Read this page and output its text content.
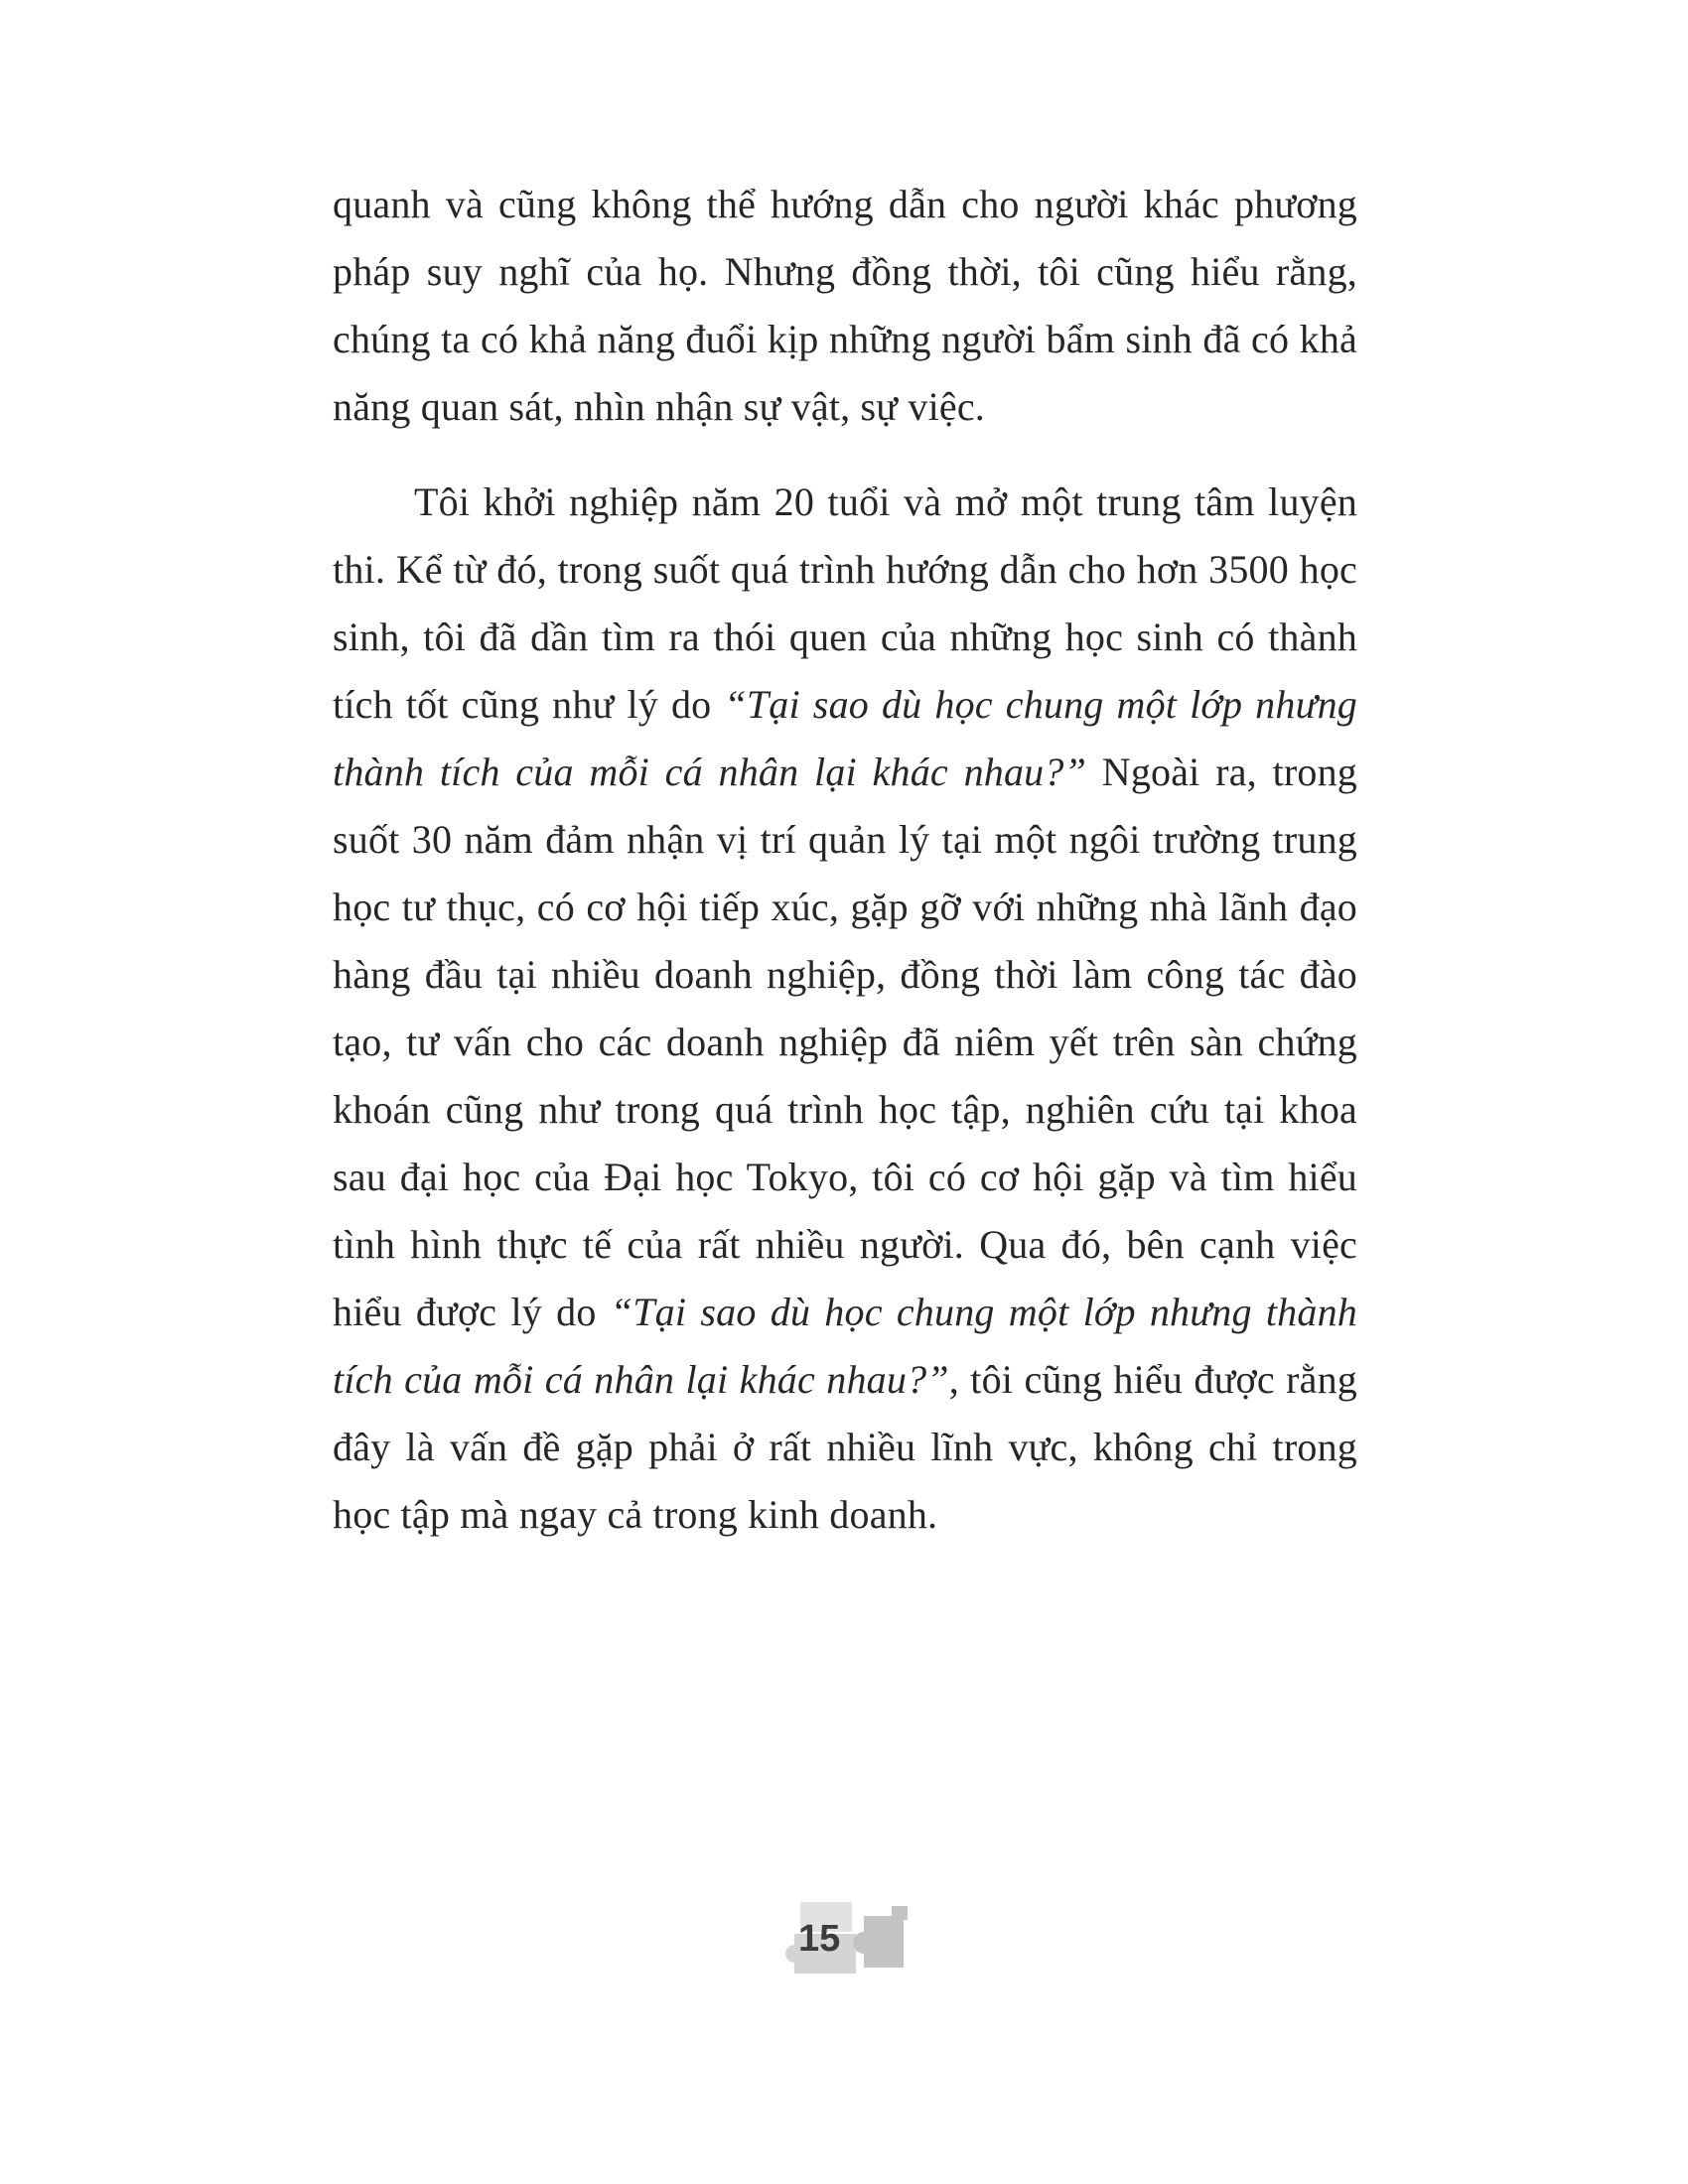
quanh và cũng không thể hướng dẫn cho người khác phương pháp suy nghĩ của họ. Nhưng đồng thời, tôi cũng hiểu rằng, chúng ta có khả năng đuổi kịp những người bẩm sinh đã có khả năng quan sát, nhìn nhận sự vật, sự việc.

Tôi khởi nghiệp năm 20 tuổi và mở một trung tâm luyện thi. Kể từ đó, trong suốt quá trình hướng dẫn cho hơn 3500 học sinh, tôi đã dần tìm ra thói quen của những học sinh có thành tích tốt cũng như lý do “Tại sao dù học chung một lớp nhưng thành tích của mỗi cá nhân lại khác nhau?” Ngoài ra, trong suốt 30 năm đảm nhận vị trí quản lý tại một ngôi trường trung học tư thục, có cơ hội tiếp xúc, gặp gỡ với những nhà lãnh đạo hàng đầu tại nhiều doanh nghiệp, đồng thời làm công tác đào tạo, tư vấn cho các doanh nghiệp đã niêm yết trên sàn chứng khoán cũng như trong quá trình học tập, nghiên cứu tại khoa sau đại học của Đại học Tokyo, tôi có cơ hội gặp và tìm hiểu tình hình thực tế của rất nhiều người. Qua đó, bên cạnh việc hiểu được lý do “Tại sao dù học chung một lớp nhưng thành tích của mỗi cá nhân lại khác nhau?”, tôi cũng hiểu được rằng đây là vấn đề gặp phải ở rất nhiều lĩnh vực, không chỉ trong học tập mà ngay cả trong kinh doanh.

15
